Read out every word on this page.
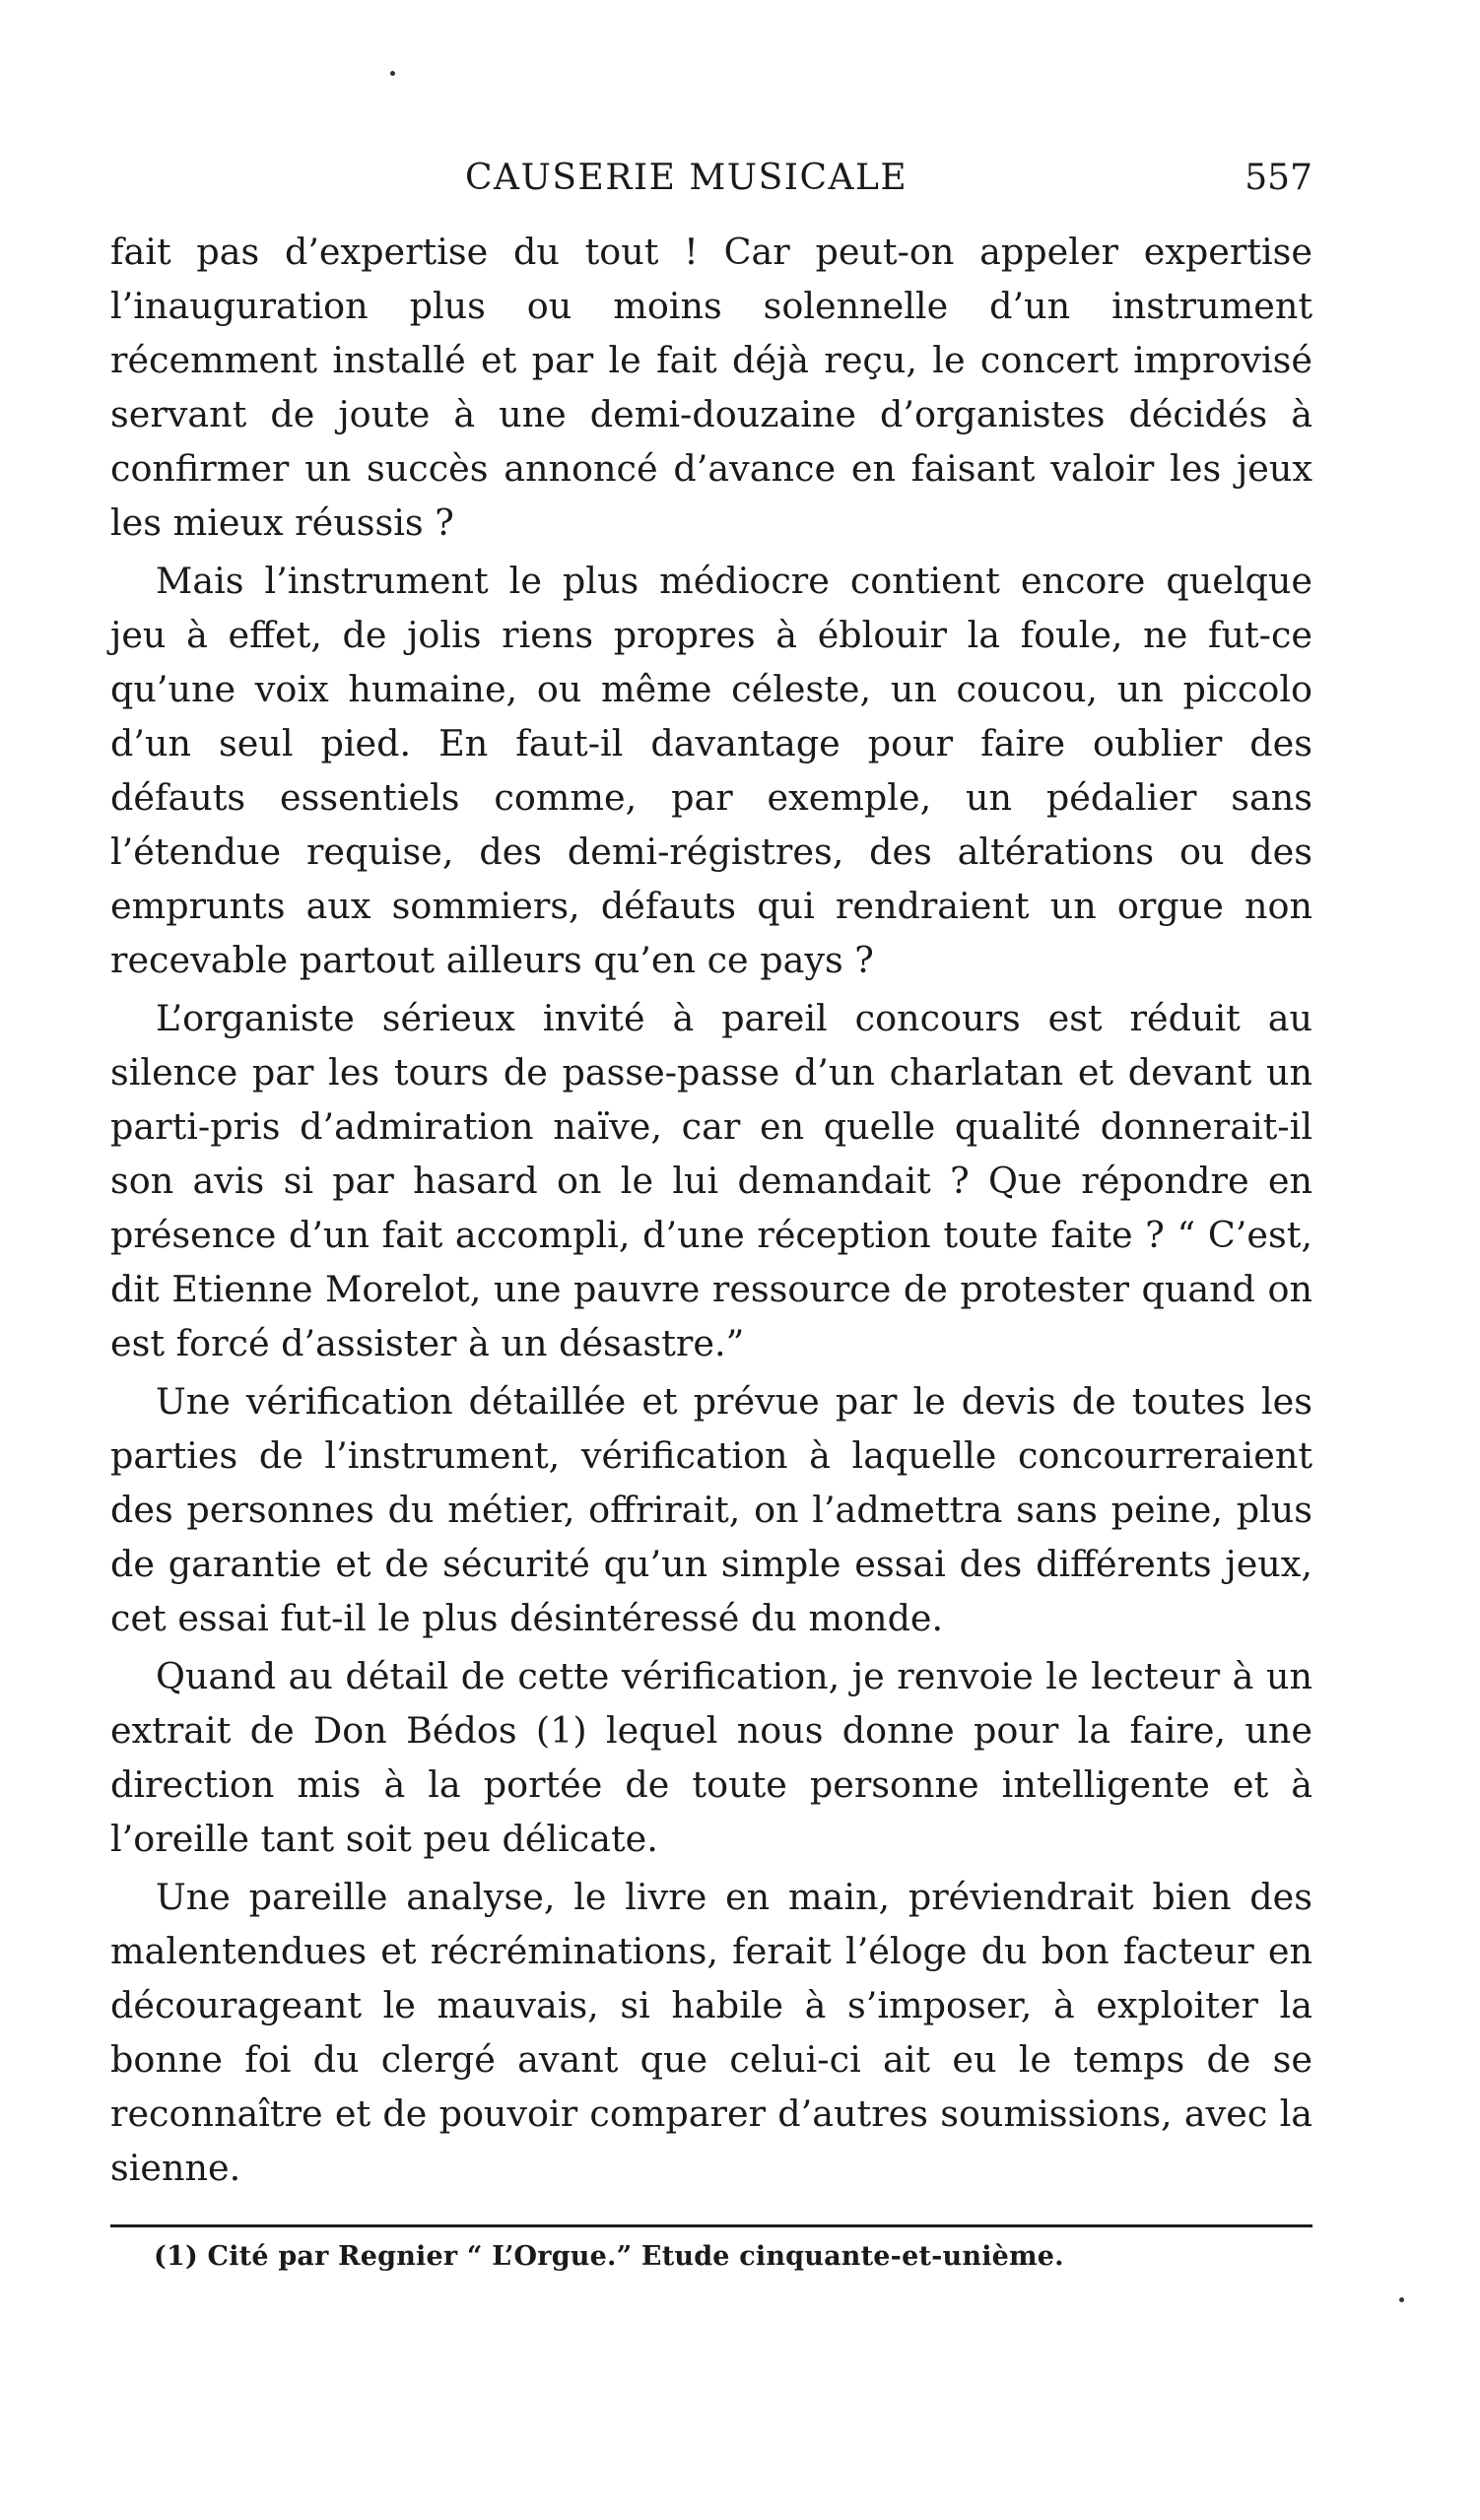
CAUSERIE MUSICALE	557

fait pas d’expertise du tout ! Car peut-on appeler expertise l’inauguration plus ou moins solennelle d’un instrument récemment installé et par le fait déjà reçu, le concert improvisé servant de joute à une demi-douzaine d’organistes décidés à confirmer un succès annoncé d’avance en faisant valoir les jeux les mieux réussis ?

Mais l’instrument le plus médiocre contient encore quelque jeu à effet, de jolis riens propres à éblouir la foule, ne fut-ce qu’une voix humaine, ou même céleste, un coucou, un piccolo d’un seul pied. En faut-il davantage pour faire oublier des défauts essentiels comme, par exemple, un pédalier sans l’étendue requise, des demi-régistres, des altérations ou des emprunts aux sommiers, défauts qui rendraient un orgue non recevable partout ailleurs qu’en ce pays ?

L’organiste sérieux invité à pareil concours est réduit au silence par les tours de passe-passe d’un charlatan et devant un parti-pris d’admiration naïve, car en quelle qualité donnerait-il son avis si par hasard on le lui demandait ? Que répondre en présence d’un fait accompli, d’une réception toute faite ? “ C’est, dit Etienne Morelot, une pauvre ressource de protester quand on est forcé d’assister à un désastre.”

Une vérification détaillée et prévue par le devis de toutes les parties de l’instrument, vérification à laquelle concourreraient des personnes du métier, offrirait, on l’admettra sans peine, plus de garantie et de sécurité qu’un simple essai des différents jeux, cet essai fut-il le plus désintéressé du monde.

Quand au détail de cette vérification, je renvoie le lecteur à un extrait de Don Bédos (1) lequel nous donne pour la faire, une direction mis à la portée de toute personne intelligente et à l’oreille tant soit peu délicate.

Une pareille analyse, le livre en main, préviendrait bien des malentendues et récréminations, ferait l’éloge du bon facteur en décourageant le mauvais, si habile à s’imposer, à exploiter la bonne foi du clergé avant que celui-ci ait eu le temps de se reconnaître et de pouvoir comparer d’autres soumissions, avec la sienne.

(1) Cité par Regnier “ L’Orgue.” Etude cinquante-et-unième.
